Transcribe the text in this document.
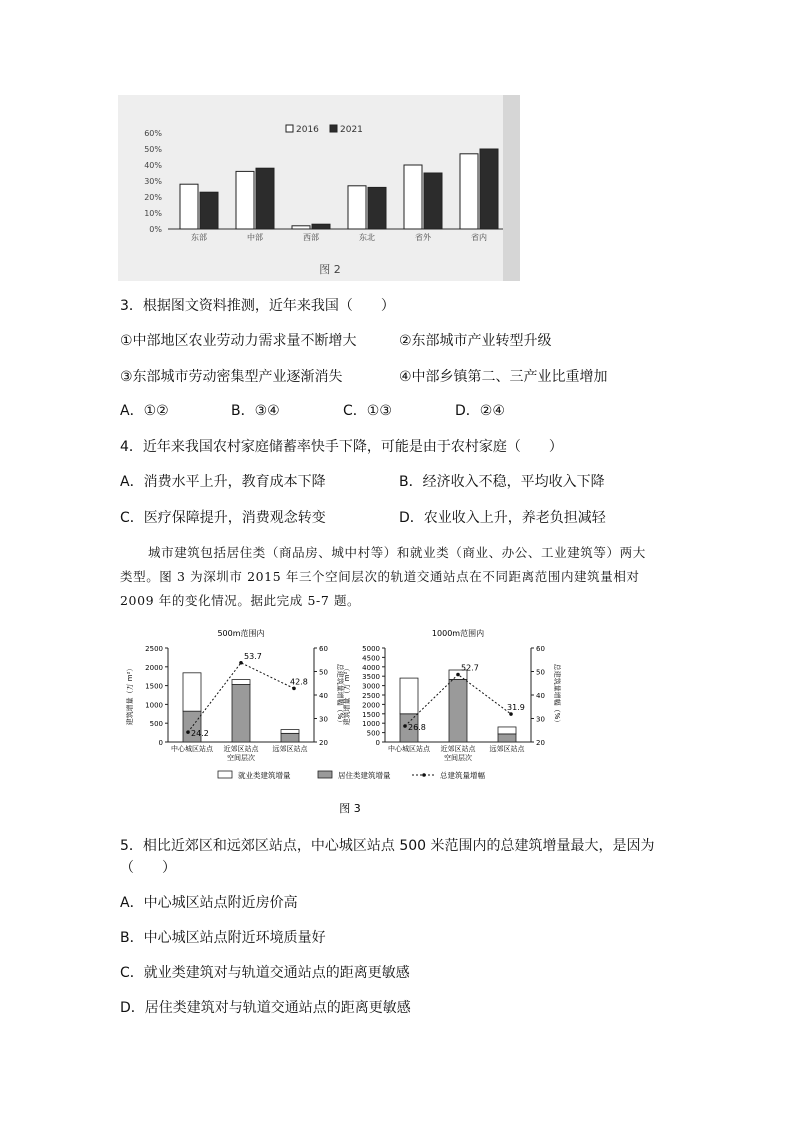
0%
10%
20%
30%
40%
50%
60%
东部	中部	西部	东北	省外	省内
2016 2021
图 2
3．根据图文资料推测，近年来我国（　　）
①中部地区农业劳动力需求量不断增大	②东部城市产业转型升级
③东部城市劳动密集型产业逐渐消失	④中部乡镇第二、三产业比重增加
A．①②	B．③④	C．①③	D．②④
4．近年来我国农村家庭储蓄率快手下降，可能是由于农村家庭（　　）
A．消费水平上升，教育成本下降	B．经济收入不稳，平均收入下降
C．医疗保障提升，消费观念转变	D．农业收入上升，养老负担减轻
城市建筑包括居住类（商品房、城中村等）和就业类（商业、办公、工业建筑等）两大
类型。图 3 为深圳市 2015 年三个空间层次的轨道交通站点在不同距离范围内建筑量相对
2009 年的变化情况。据此完成 5-7 题。
500m范围内
0
500
1000
1500
2000
2500
20
30
40
50
60
建筑增量（万 m²）	总建筑量增幅（%）
中心城区站点 近郊区站点 远郊区站点
24.2
53.7
42.8
空间层次
1000m范围内
0
500
1000
1500
2000
2500
3000
3500
4000
4500
5000
20
30
40
50
60
建筑增量（万 m²）	总建筑量增幅（%）
中心城区站点 近郊区站点 远郊区站点
26.8
52.7
31.9
空间层次
就业类建筑增量	居住类建筑增量	总建筑量增幅
图 3
5．相比近郊区和远郊区站点，中心城区站点 500 米范围内的总建筑增量最大，是因为
（　　）
A．中心城区站点附近房价高
B．中心城区站点附近环境质量好
C．就业类建筑对与轨道交通站点的距离更敏感
D．居住类建筑对与轨道交通站点的距离更敏感
